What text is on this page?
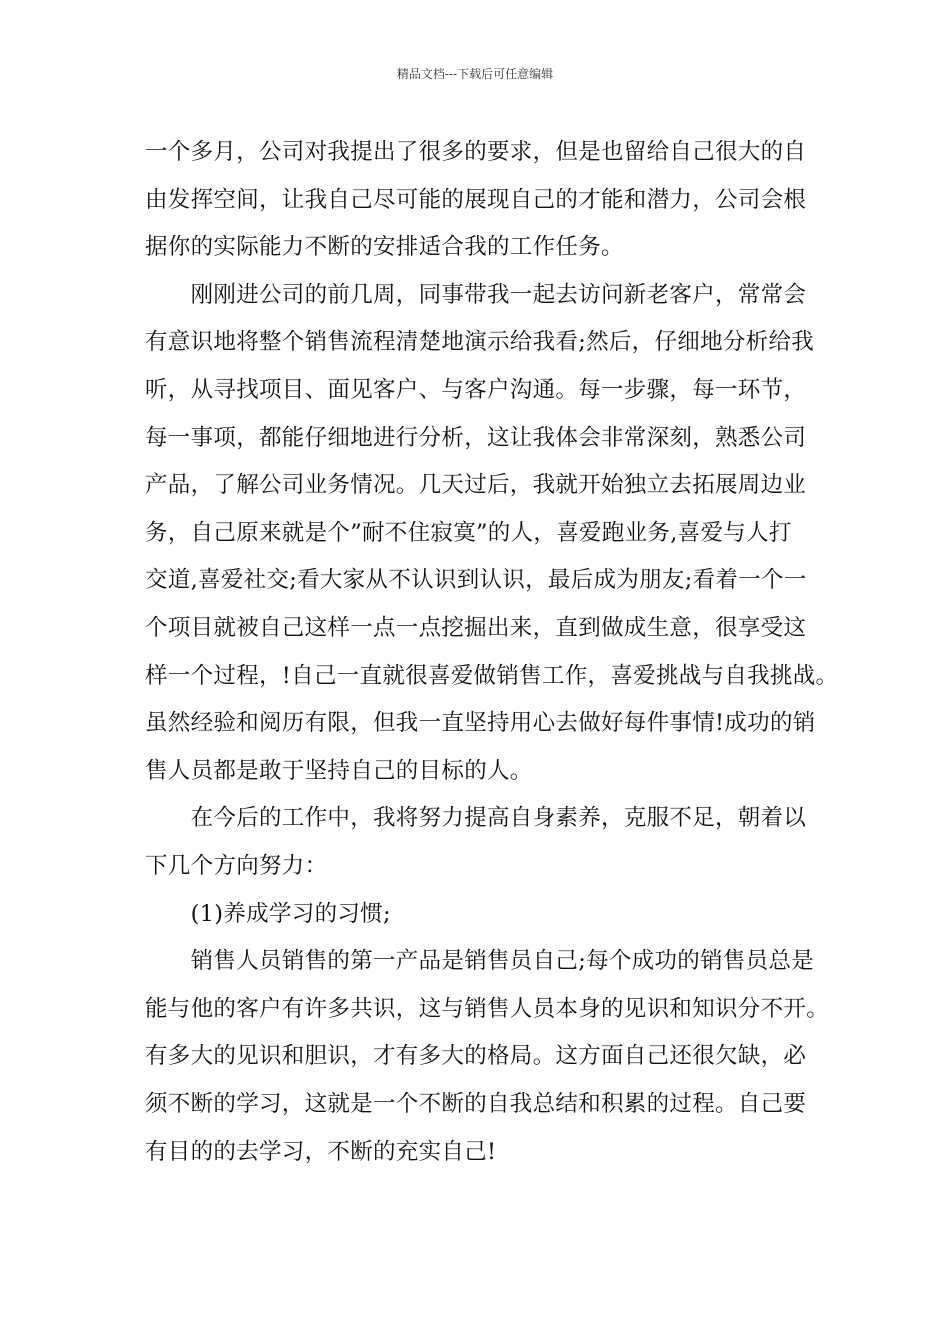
精品文档---下载后可任意编辑
一个多月，公司对我提出了很多的要求，但是也留给自己很大的自
由发挥空间，让我自己尽可能的展现自己的才能和潜力，公司会根
据你的实际能力不断的安排适合我的工作任务。
　　刚刚进公司的前几周，同事带我一起去访问新老客户，常常会
有意识地将整个销售流程清楚地演示给我看;然后，仔细地分析给我
听，从寻找项目、面见客户、与客户沟通。每一步骤，每一环节，
每一事项，都能仔细地进行分析，这让我体会非常深刻，熟悉公司
产品，了解公司业务情况。几天过后，我就开始独立去拓展周边业
务，自己原来就是个”耐不住寂寞”的人，喜爱跑业务,喜爱与人打
交道,喜爱社交;看大家从不认识到认识，最后成为朋友;看着一个一
个项目就被自己这样一点一点挖掘出来，直到做成生意，很享受这
样一个过程，!自己一直就很喜爱做销售工作，喜爱挑战与自我挑战。
虽然经验和阅历有限，但我一直坚持用心去做好每件事情!成功的销
售人员都是敢于坚持自己的目标的人。
　　在今后的工作中，我将努力提高自身素养，克服不足，朝着以
下几个方向努力：
　　(1)养成学习的习惯;
　　销售人员销售的第一产品是销售员自己;每个成功的销售员总是
能与他的客户有许多共识，这与销售人员本身的见识和知识分不开。
有多大的见识和胆识，才有多大的格局。这方面自己还很欠缺，必
须不断的学习，这就是一个不断的自我总结和积累的过程。自己要
有目的的去学习，不断的充实自己!
